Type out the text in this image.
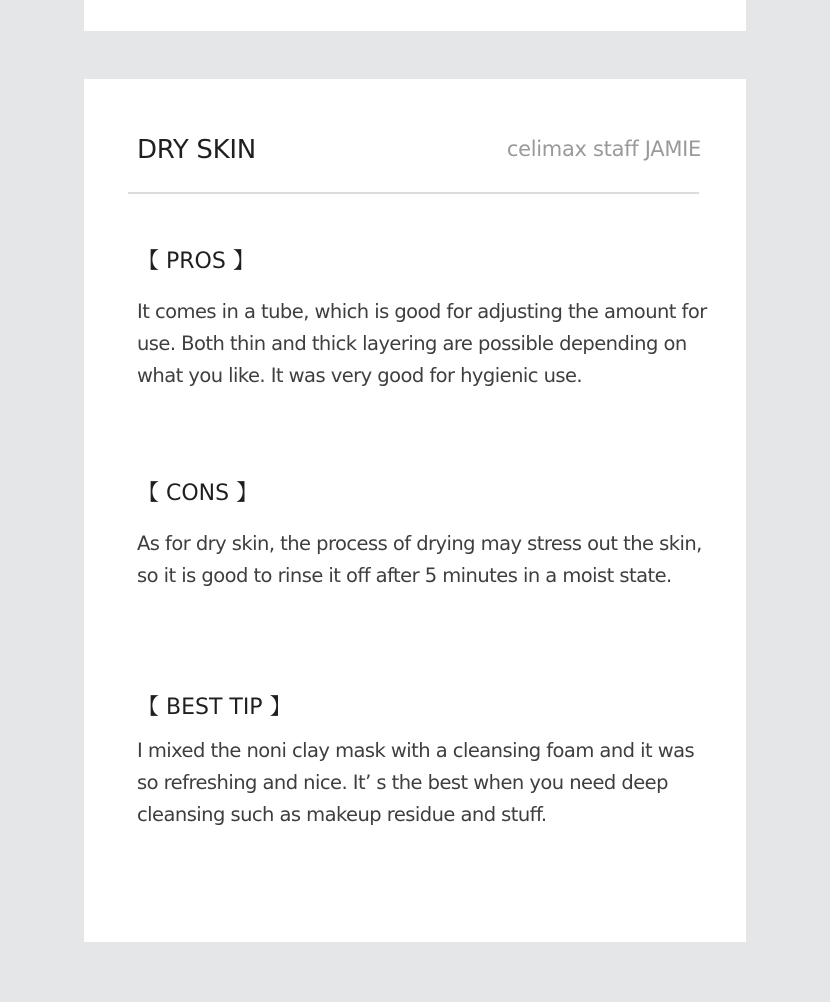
DRY SKIN	celimax staff JAMIE

【 PROS 】

It comes in a tube, which is good for adjusting the amount for use. Both thin and thick layering are possible depending on what you like. It was very good for hygienic use.

【 CONS 】

As for dry skin, the process of drying may stress out the skin, so it is good to rinse it off after 5 minutes in a moist state.

【 BEST TIP 】

I mixed the noni clay mask with a cleansing foam and it was so refreshing and nice. It’ s the best when you need deep cleansing such as makeup residue and stuff.
